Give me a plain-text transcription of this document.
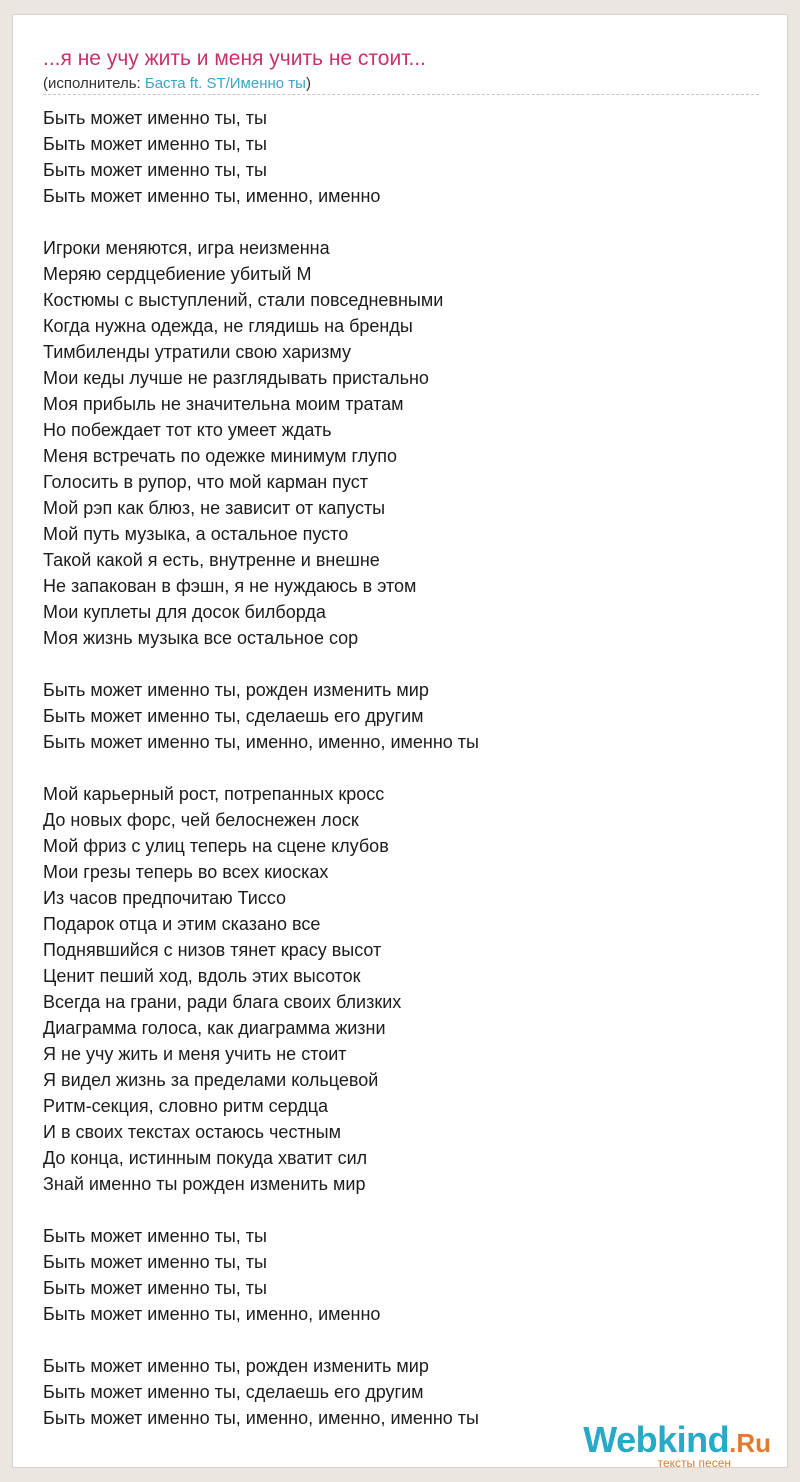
...я не учу жить и меня учить не стоит...
(исполнитель: Баста ft. ST/Именно ты)
Быть может именно ты, ты
Быть может именно ты, ты
Быть может именно ты, ты
Быть может именно ты, именно, именно
Игроки меняются, игра неизменна
Меряю сердцебиение убитый М
Костюмы с выступлений, стали повседневными
Когда нужна одежда, не глядишь на бренды
Тимбиленды утратили свою харизму
Мои кеды лучше не разглядывать пристально
Моя прибыль не значительна моим тратам
Но побеждает тот кто умеет ждать
Меня встречать по одежке минимум глупо
Голосить в рупор, что мой карман пуст
Мой рэп как блюз, не зависит от капусты
Мой путь музыка, а остальное пусто
Такой какой я есть, внутренне и внешне
Не запакован в фэшн, я не нуждаюсь в этом
Мои куплеты для досок билборда
Моя жизнь музыка все остальное сор
Быть может именно ты, рожден изменить мир
Быть может именно ты, сделаешь его другим
Быть может именно ты, именно, именно, именно ты
Мой карьерный рост, потрепанных кросс
До новых форс, чей белоснежен лоск
Мой фриз с улиц теперь на сцене клубов
Мои грезы теперь во всех киосках
Из часов предпочитаю Тиссо
Подарок отца и этим сказано все
Поднявшийся с низов тянет красу высот
Ценит пеший ход, вдоль этих высоток
Всегда на грани, ради блага своих близких
Диаграмма голоса, как диаграмма жизни
Я не учу жить и меня учить не стоит
Я видел жизнь за пределами кольцевой
Ритм-секция, словно ритм сердца
И в своих текстах остаюсь честным
До конца, истинным покуда хватит сил
Знай именно ты рожден изменить мир
Быть может именно ты, ты
Быть может именно ты, ты
Быть может именно ты, ты
Быть может именно ты, именно, именно
Быть может именно ты, рожден изменить мир
Быть может именно ты, сделаешь его другим
Быть может именно ты, именно, именно, именно ты
Webkind.Ru
тексты песен
